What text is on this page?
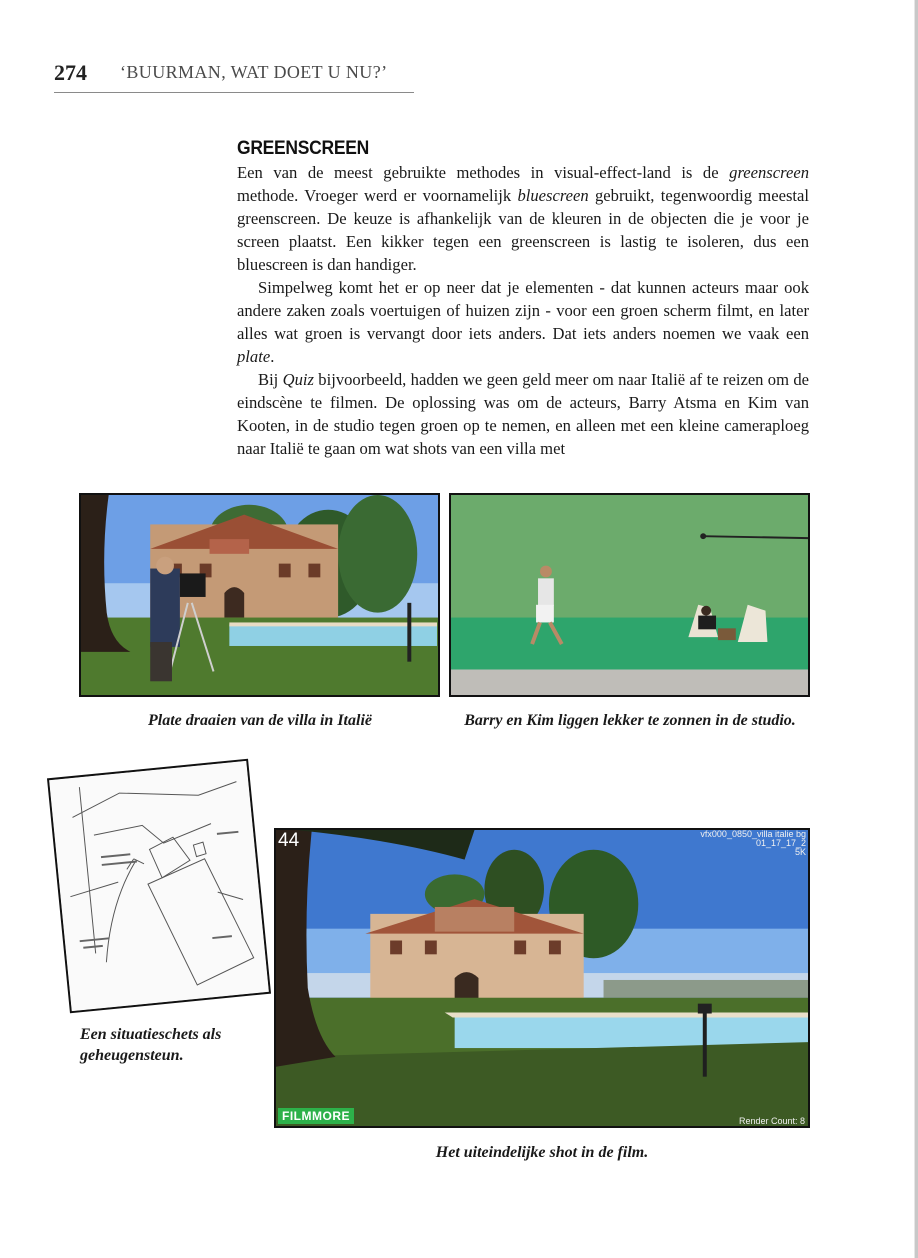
274 ‘BUURMAN, WAT DOET U NU?’
GREENSCREEN

Een van de meest gebruikte methodes in visual-effect-land is de greenscreen methode. Vroeger werd er voornamelijk bluescreen gebruikt, tegenwoordig meestal greenscreen. De keuze is afhankelijk van de kleuren in de objecten die je voor je screen plaatst. Een kikker tegen een greenscreen is lastig te isoleren, dus een bluescreen is dan handiger.

Simpelweg komt het er op neer dat je elementen - dat kunnen acteurs maar ook andere zaken zoals voertuigen of huizen zijn - voor een groen scherm filmt, en later alles wat groen is vervangt door iets anders. Dat iets anders noemen we vaak een plate.

Bij Quiz bijvoorbeeld, hadden we geen geld meer om naar Italië af te reizen om de eindscène te filmen. De oplossing was om de acteurs, Barry Atsma en Kim van Kooten, in de studio tegen groen op te nemen, en alleen met een kleine cameraploeg naar Italië te gaan om wat shots van een villa met

Plate draaien van de villa in Italië	Barry en Kim liggen lekker te zonnen in de studio.
Een situatieschets als geheugensteun.
44	vfx000_0850_villa italie bg
01_17_17_2
5K
Render Count: 8
FILMMORE
Het uiteindelijke shot in de film.
